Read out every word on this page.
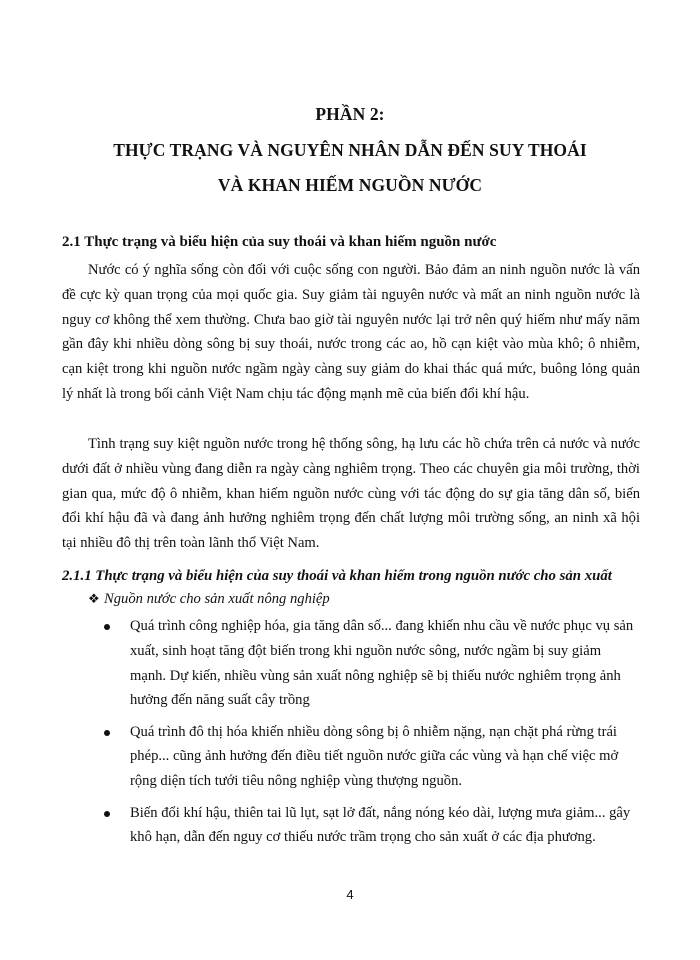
PHẦN 2:
THỰC TRẠNG VÀ NGUYÊN NHÂN DẪN ĐẾN SUY THOÁI
VÀ KHAN HIẾM NGUỒN NƯỚC
2.1 Thực trạng và biểu hiện của suy thoái và khan hiếm nguồn nước

Nước có ý nghĩa sống còn đối với cuộc sống con người. Bảo đảm an ninh nguồn nước là vấn đề cực kỳ quan trọng của mọi quốc gia. Suy giảm tài nguyên nước và mất an ninh nguồn nước là nguy cơ không thể xem thường. Chưa bao giờ tài nguyên nước lại trở nên quý hiếm như mấy năm gần đây khi nhiều dòng sông bị suy thoái, nước trong các ao, hồ cạn kiệt vào mùa khô; ô nhiễm, cạn kiệt trong khi nguồn nước ngầm ngày càng suy giảm do khai thác quá mức, buông lỏng quản lý nhất là trong bối cảnh Việt Nam chịu tác động mạnh mẽ của biến đổi khí hậu.

Tình trạng suy kiệt nguồn nước trong hệ thống sông, hạ lưu các hồ chứa trên cả nước và nước dưới đất ở nhiều vùng đang diễn ra ngày càng nghiêm trọng. Theo các chuyên gia môi trường, thời gian qua, mức độ ô nhiễm, khan hiếm nguồn nước cùng với tác động do sự gia tăng dân số, biến đổi khí hậu đã và đang ảnh hưởng nghiêm trọng đến chất lượng môi trường sống, an ninh xã hội tại nhiều đô thị trên toàn lãnh thổ Việt Nam.

2.1.1 Thực trạng và biểu hiện của suy thoái và khan hiếm trong nguồn nước cho sản xuất
❖ Nguồn nước cho sản xuất nông nghiệp
Quá trình công nghiệp hóa, gia tăng dân số... đang khiến nhu cầu về nước phục vụ sản xuất, sinh hoạt tăng đột biến trong khi nguồn nước sông, nước ngầm bị suy giảm mạnh. Dự kiến, nhiều vùng sản xuất nông nghiệp sẽ bị thiếu nước nghiêm trọng ảnh hưởng đến năng suất cây trồng
Quá trình đô thị hóa khiến nhiều dòng sông bị ô nhiễm nặng, nạn chặt phá rừng trái phép... cũng ảnh hưởng đến điều tiết nguồn nước giữa các vùng và hạn chế việc mở rộng diện tích tưới tiêu nông nghiệp vùng thượng nguồn.
Biến đổi khí hậu, thiên tai lũ lụt, sạt lở đất, nắng nóng kéo dài, lượng mưa giảm... gây khô hạn, dẫn đến nguy cơ thiếu nước trầm trọng cho sản xuất ở các địa phương.
4
